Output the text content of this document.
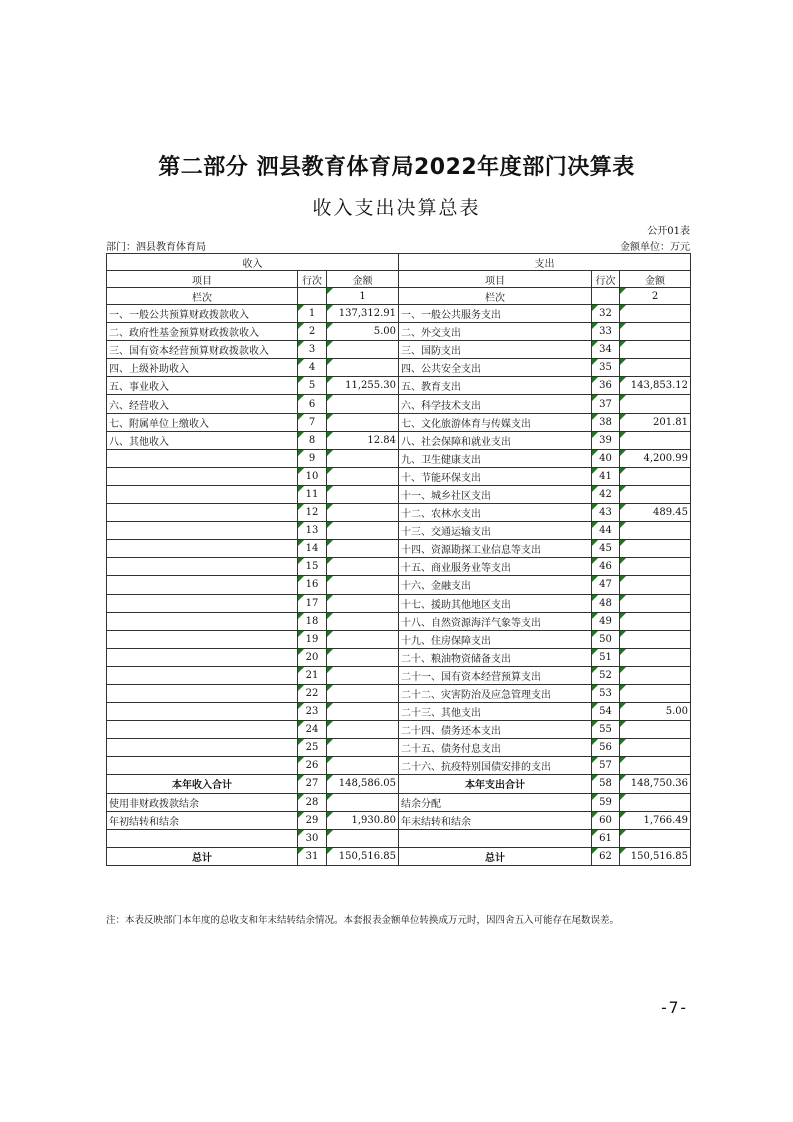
第二部分 泗县教育体育局2022年度部门决算表
收入支出决算总表
公开01表
部门：泗县教育体育局	金额单位：万元
收入			支出		
项目	行次	金额	项目	行次	金额
栏次		1	栏次		2
一、一般公共预算财政拨款收入	1	137,312.91	一、一般公共服务支出	32	
二、政府性基金预算财政拨款收入	2	5.00	二、外交支出	33	
三、国有资本经营预算财政拨款收入	3		三、国防支出	34	
四、上级补助收入	4		四、公共安全支出	35	
五、事业收入	5	11,255.30	五、教育支出	36	143,853.12
六、经营收入	6		六、科学技术支出	37	
七、附属单位上缴收入	7		七、文化旅游体育与传媒支出	38	201.81
八、其他收入	8	12.84	八、社会保障和就业支出	39	
	9		九、卫生健康支出	40	4,200.99
	10		十、节能环保支出	41	
	11		十一、城乡社区支出	42	
	12		十二、农林水支出	43	489.45
	13		十三、交通运输支出	44	
	14		十四、资源勘探工业信息等支出	45	
	15		十五、商业服务业等支出	46	
	16		十六、金融支出	47	
	17		十七、援助其他地区支出	48	
	18		十八、自然资源海洋气象等支出	49	
	19		十九、住房保障支出	50	
	20		二十、粮油物资储备支出	51	
	21		二十一、国有资本经营预算支出	52	
	22		二十二、灾害防治及应急管理支出	53	
	23		二十三、其他支出	54	5.00
	24		二十四、债务还本支出	55	
	25		二十五、债务付息支出	56	
	26		二十六、抗疫特别国债安排的支出	57	
本年收入合计	27	148,586.05	本年支出合计	58	148,750.36
使用非财政拨款结余	28		结余分配	59	
年初结转和结余	29	1,930.80	年末结转和结余	60	1,766.49
	30			61	
总计	31	150,516.85	总计	62	150,516.85
注：本表反映部门本年度的总收支和年末结转结余情况。本套报表金额单位转换成万元时，因四舍五入可能存在尾数误差。
-7-
